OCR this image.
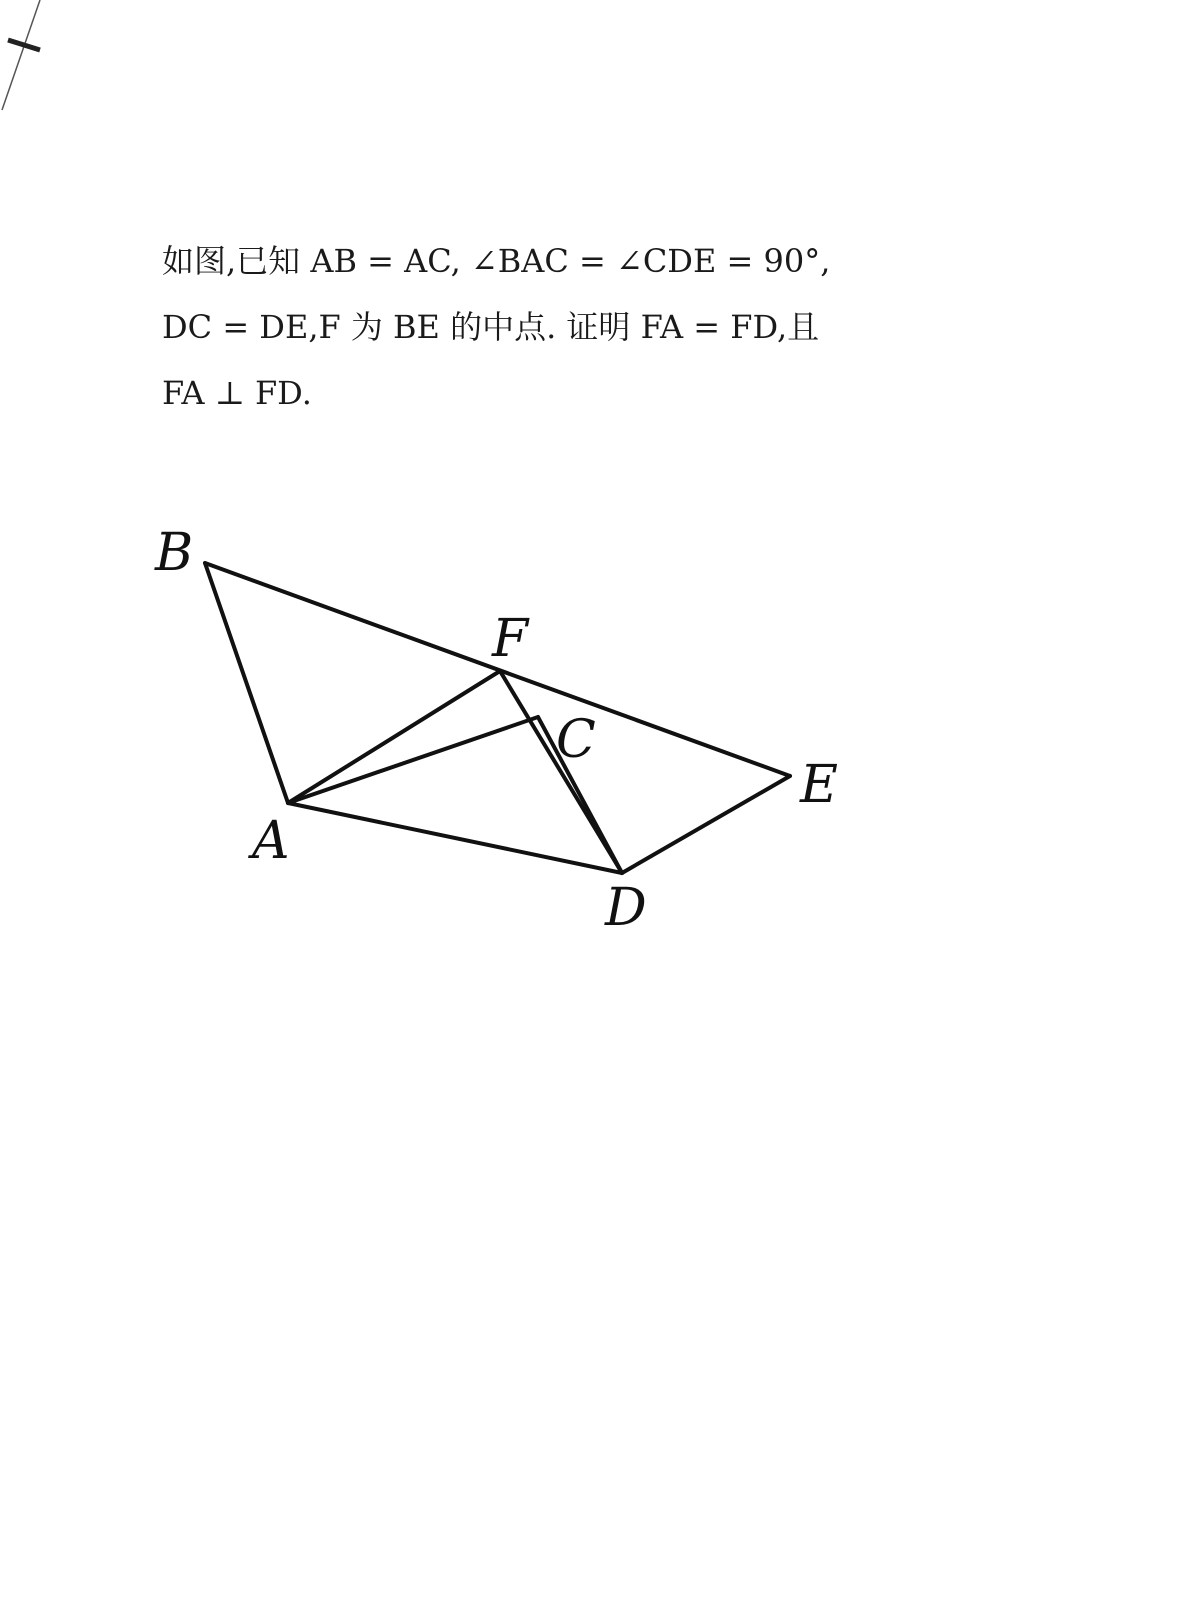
如图,已知 AB = AC, ∠BAC = ∠CDE = 90°,
DC = DE,F 为 BE 的中点. 证明 FA = FD,且
FA ⊥ FD.
B
F
C
E
A
D
